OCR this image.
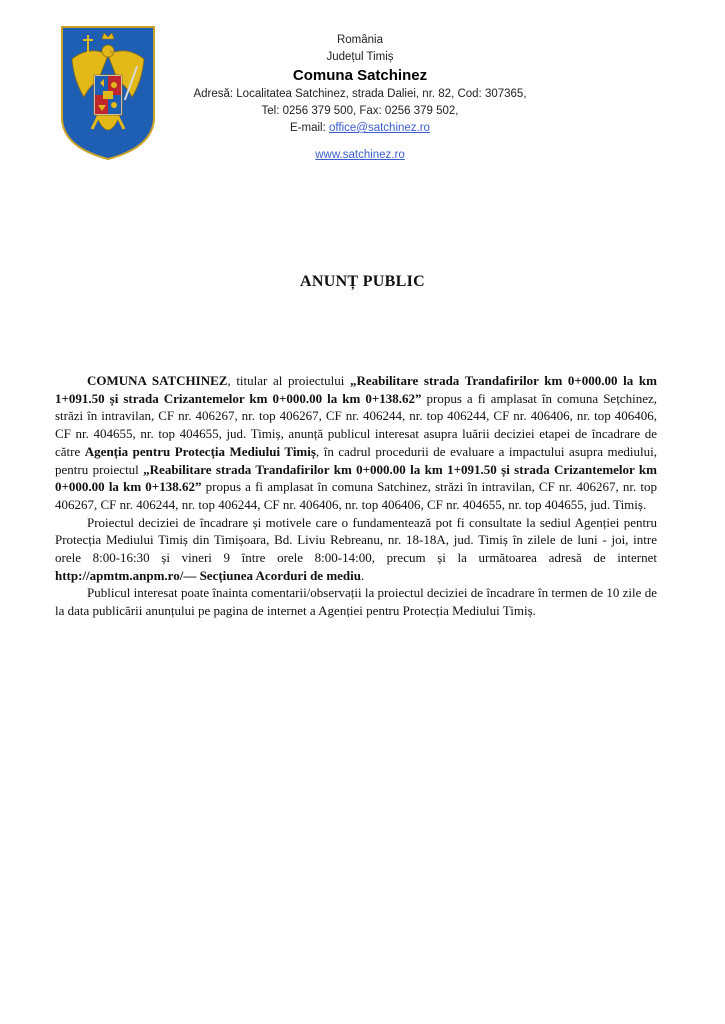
România
Județul Timiș
Comuna Satchinez
Adresă: Localitatea Satchinez, strada Daliei, nr. 82, Cod: 307365,
Tel: 0256 379 500, Fax: 0256 379 502,
E-mail: office@satchinez.ro
www.satchinez.ro
ANUNȚ PUBLIC

COMUNA SATCHINEZ, titular al proiectului „Reabilitare strada Trandafirilor km 0+000.00 la km 1+091.50 și strada Crizantemelor km 0+000.00 la km 0+138.62” propus a fi amplasat în comuna Sețchinez, străzi în intravilan, CF nr. 406267, nr. top 406267, CF nr. 406244, nr. top 406244, CF nr. 406406, nr. top 406406, CF nr. 404655, nr. top 404655, jud. Timiș, anunță publicul interesat asupra luării deciziei etapei de încadrare de către Agenția pentru Protecția Mediului Timiș, în cadrul procedurii de evaluare a impactului asupra mediului, pentru proiectul „Reabilitare strada Trandafirilor km 0+000.00 la km 1+091.50 și strada Crizantemelor km 0+000.00 la km 0+138.62” propus a fi amplasat în comuna Satchinez, străzi în intravilan, CF nr. 406267, nr. top 406267, CF nr. 406244, nr. top 406244, CF nr. 406406, nr. top 406406, CF nr. 404655, nr. top 404655, jud. Timiș.

Proiectul deciziei de încadrare și motivele care o fundamentează pot fi consultate la sediul Agenției pentru Protecția Mediului Timiș din Timișoara, Bd. Liviu Rebreanu, nr. 18-18A, jud. Timiș în zilele de luni - joi, intre orele 8:00-16:30 și vineri 9 între orele 8:00-14:00, precum și la următoarea adresă de internet http://apmtm.anpm.ro/— Secțiunea Acorduri de mediu.

Publicul interesat poate înainta comentarii/observații la proiectul deciziei de încadrare în termen de 10 zile de la data publicării anunțului pe pagina de internet a Agenției pentru Protecția Mediului Timiș.
